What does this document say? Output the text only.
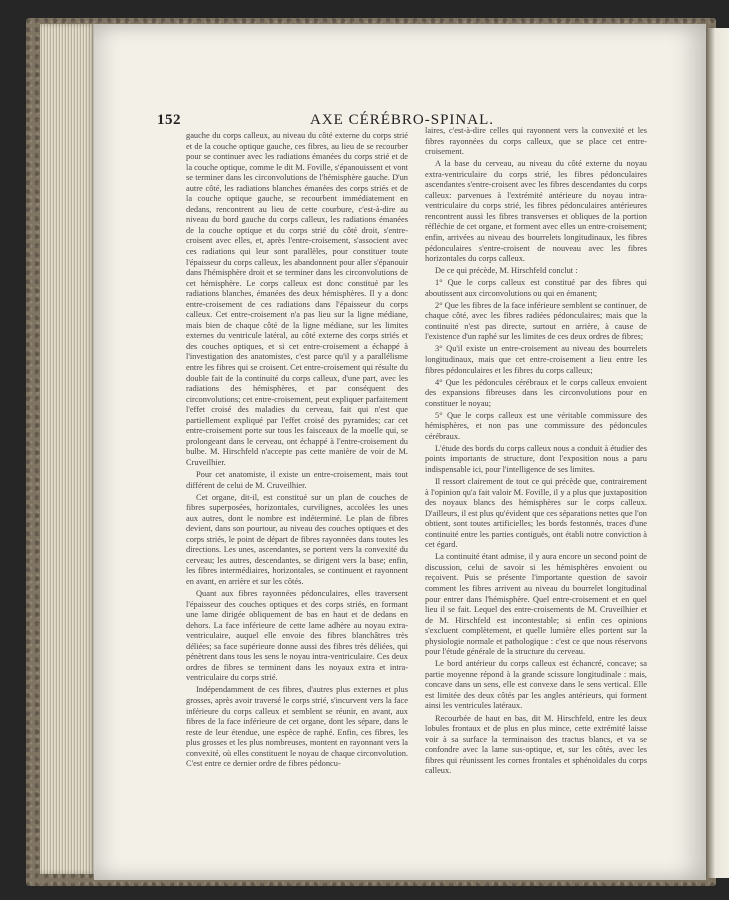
152	AXE CÉRÉBRO-SPINAL.

gauche du corps calleux, au niveau du côté externe du corps strié et de la couche optique gauche, ces fibres, au lieu de se recourber pour se continuer avec les radiations émanées du corps strié et de la couche optique, comme le dit M. Foville, s'épanouissent et vont se terminer dans les circonvolutions de l'hémisphère gauche. D'un autre côté, les radiations blanches émanées des corps striés et de la couche optique gauche, se recourbent immédiatement en dedans, rencontrent au lieu de cette courbure, c'est-à-dire au niveau du bord gauche du corps calleux, les radiations émanées de la couche optique et du corps strié du côté droit, s'entre-croisent avec elles, et, après l'entre-croisement, s'associent avec ces radiations qui leur sont parallèles, pour constituer toute l'épaisseur du corps calleux, les abandonnent pour aller s'épanouir dans l'hémisphère droit et se terminer dans les circonvolutions de cet hémisphère. Le corps calleux est donc constitué par les radiations blanches, émanées des deux hémisphères. Il y a donc entre-croisement de ces radiations dans l'épaisseur du corps calleux. Cet entre-croisement n'a pas lieu sur la ligne médiane, mais bien de chaque côté de la ligne médiane, sur les limites externes du ventricule latéral, au côté externe des corps striés et des couches optiques, et si cet entre-croisement a échappé à l'investigation des anatomistes, c'est parce qu'il y a parallélisme entre les fibres qui se croisent. Cet entre-croisement qui résulte du double fait de la continuité du corps calleux, d'une part, avec les radiations des hémisphères, et par conséquent des circonvolutions; cet entre-croisement, peut expliquer parfaitement l'effet croisé des maladies du cerveau, fait qui n'est que partiellement expliqué par l'effet croisé des pyramides; car cet entre-croisement porte sur tous les faisceaux de la moelle qui, se prolongeant dans le cerveau, ont échappé à l'entre-croisement du bulbe. M. Hirschfeld n'accepte pas cette manière de voir de M. Cruveilhier.

Pour cet anatomiste, il existe un entre-croisement, mais tout différent de celui de M. Cruveilhier.

Cet organe, dit-il, est constitué sur un plan de couches de fibres superposées, horizontales, curvilignes, accolées les unes aux autres, dont le nombre est indéterminé. Le plan de fibres devient, dans son pourtour, au niveau des couches optiques et des corps striés, le point de départ de fibres rayonnées dans toutes les directions. Les unes, ascendantes, se portent vers la convexité du cerveau; les autres, descendantes, se dirigent vers la base; enfin, les fibres intermédiaires, horizontales, se continuent et rayonnent en avant, en arrière et sur les côtés.

Quant aux fibres rayonnées pédonculaires, elles traversent l'épaisseur des couches optiques et des corps striés, en formant une lame dirigée obliquement de bas en haut et de dedans en dehors. La face inférieure de cette lame adhère au noyau extra-ventriculaire, auquel elle envoie des fibres blanchâtres très déliées; sa face supérieure donne aussi des fibres très déliées, qui pénètrent dans tous les sens le noyau intra-ventriculaire. Ces deux ordres de fibres se terminent dans les noyaux extra et intra-ventriculaire du corps strié.

Indépendamment de ces fibres, d'autres plus externes et plus grosses, après avoir traversé le corps strié, s'incurvent vers la face inférieure du corps calleux et semblent se réunir, en avant, aux fibres de la face inférieure de cet organe, dont les sépare, dans le reste de leur étendue, une espèce de raphé. Enfin, ces fibres, les plus grosses et les plus nombreuses, montent en rayonnant vers la convexité, où elles constituent le noyau de chaque circonvolution. C'est entre ce dernier ordre de fibres pédoncu-

laires, c'est-à-dire celles qui rayonnent vers la convexité et les fibres rayonnées du corps calleux, que se place cet entre-croisement.

A la base du cerveau, au niveau du côté externe du noyau extra-ventriculaire du corps strié, les fibres pédonculaires ascendantes s'entre-croisent avec les fibres descendantes du corps calleux: parvenues à l'extrémité antérieure du noyau intra-ventriculaire du corps strié, les fibres pédonculaires antérieures rencontrent aussi les fibres transverses et obliques de la portion réfléchie de cet organe, et forment avec elles un entre-croisement; enfin, arrivées au niveau des bourrelets longitudinaux, les fibres pédonculaires s'entre-croisent de nouveau avec les fibres horizontales du corps calleux.

De ce qui précède, M. Hirschfeld conclut :

1° Que le corps calleux est constitué par des fibres qui aboutissent aux circonvolutions ou qui en émanent;

2° Que les fibres de la face inférieure semblent se continuer, de chaque côté, avec les fibres radiées pédonculaires; mais que la continuité n'est pas directe, surtout en arrière, à cause de l'existence d'un raphé sur les limites de ces deux ordres de fibres;

3° Qu'il existe un entre-croisement au niveau des bourrelets longitudinaux, mais que cet entre-croisement a lieu entre les fibres pédonculaires et les fibres du corps calleux;

4° Que les pédoncules cérébraux et le corps calleux envoient des expansions fibreuses dans les circonvolutions pour en constituer le noyau;

5° Que le corps calleux est une véritable commissure des hémisphères, et non pas une commissure des pédoncules cérébraux.

L'étude des bords du corps calleux nous a conduit à étudier des points importants de structure, dont l'exposition nous a paru indispensable ici, pour l'intelligence de ses limites.

Il ressort clairement de tout ce qui précède que, contrairement à l'opinion qu'a fait valoir M. Foville, il y a plus que juxtaposition des noyaux blancs des hémisphères sur le corps calleux. D'ailleurs, il est plus qu'évident que ces séparations nettes que l'on obtient, sont toutes artificielles; les bords festonnés, traces d'une continuité entre les parties contiguës, ont établi notre conviction à cet égard.

La continuité étant admise, il y aura encore un second point de discussion, celui de savoir si les hémisphères envoient ou reçoivent. Puis se présente l'importante question de savoir comment les fibres arrivent au niveau du bourrelet longitudinal pour entrer dans l'hémisphère. Quel entre-croisement et en quel lieu il se fait. Lequel des entre-croisements de M. Cruveilhier et de M. Hirschfeld est incontestable; si enfin ces opinions s'excluent complètement, et quelle lumière elles portent sur la physiologie normale et pathologique : c'est ce que nous réservons pour l'étude générale de la structure du cerveau.

Le bord antérieur du corps calleux est échancré, concave; sa partie moyenne répond à la grande scissure longitudinale : mais, concave dans un sens, elle est convexe dans le sens vertical. Elle est limitée des deux côtés par les angles antérieurs, qui forment ainsi les ventricules latéraux.

Recourbée de haut en bas, dit M. Hirschfeld, entre les deux lobules frontaux et de plus en plus mince, cette extrémité laisse voir à sa surface la terminaison des tractus blancs, et va se confondre avec la lame sus-optique, et, sur les côtés, avec les fibres qui réunissent les cornes frontales et sphénoïdales du corps calleux.
